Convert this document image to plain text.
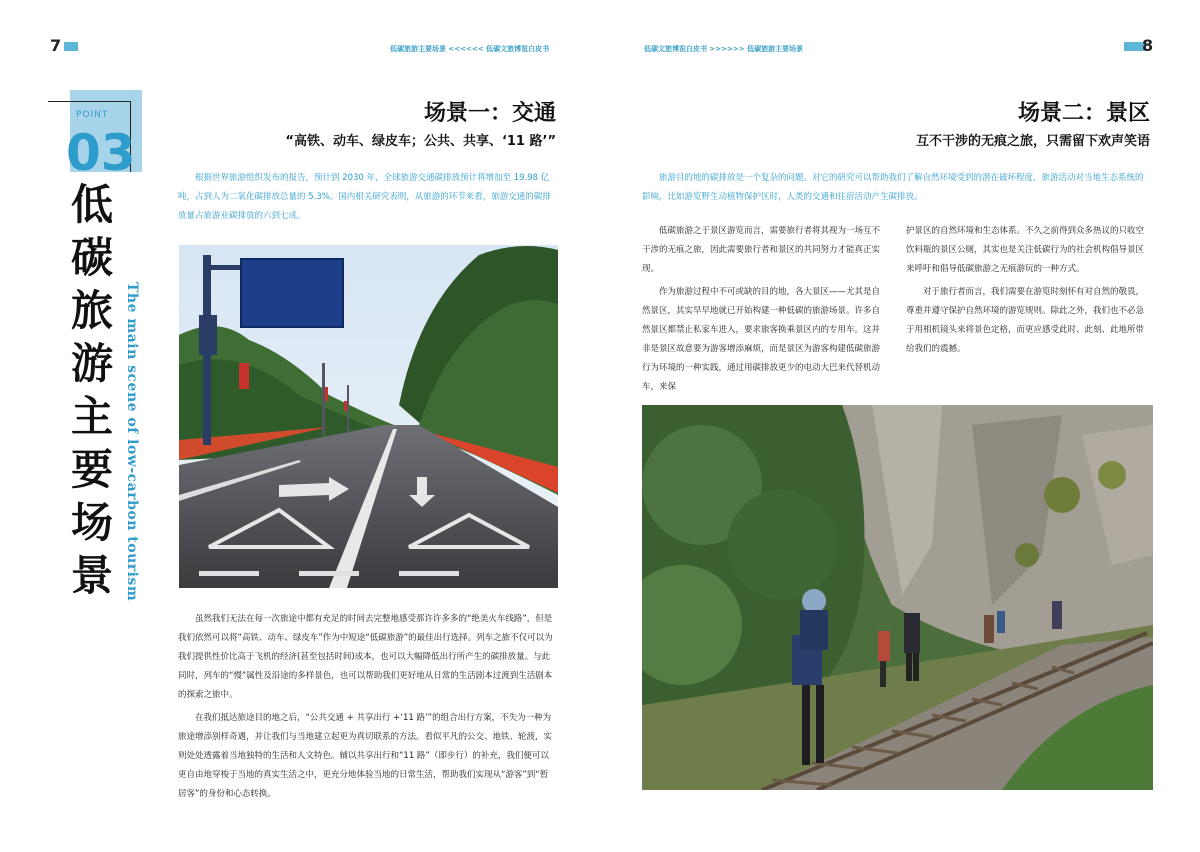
7	低碳旅游主要场景 <<<<<< 低碳文旅博览白皮书
POINT
03
低
碳
旅
游
主
要
场
景 The main scene of low-carbon tourism
场景一：交通
“高铁、动车、绿皮车；公共、共享、‘11 路’”
根据世界旅游组织发布的报告，预计到 2030 年，全球旅游交通碳排放预计将增加至 19.98 亿吨，占到人为二氧化碳排放总量的 5.3%。国内相关研究表明，从旅游的环节来看，旅游交通的碳排放量占旅游业碳排放的六到七成。

虽然我们无法在每一次旅途中都有充足的时间去完整地感受那许许多多的“绝美火车线路”，但是我们依然可以将“高铁、动车、绿皮车”作为中短途“低碳旅游”的最佳出行选择。列车之旅不仅可以为我们提供性价比高于飞机的经济(甚至包括时间)成本，也可以大幅降低出行所产生的碳排放量。与此同时，列车的“慢”属性及沿途的多样景色，也可以帮助我们更好地从日常的生活剧本过渡到生活剧本的探索之旅中。

在我们抵达旅途目的地之后，“公共交通 + 共享出行 +‘11 路’”的组合出行方案，不失为一种为旅途增添别样奇遇，并让我们与当地建立起更为真切联系的方法。看似平凡的公交、地铁、轮渡，实则处处透露着当地独特的生活和人文特色。辅以共享出行和“11 路”（即步行）的补充，我们便可以更自由地穿梭于当地的真实生活之中，更充分地体验当地的日常生活，帮助我们实现从“游客”到“暂居客”的身份和心态转换。

低碳文旅博览白皮书 >>>>>> 低碳旅游主要场景	8
场景二：景区
互不干涉的无痕之旅，只需留下欢声笑语
旅游目的地的碳排放是一个复杂的问题。对它的研究可以帮助我们了解自然环境受到的潜在破坏程度，旅游活动对当地生态系统的影响，比如游览野生动植物保护区时，人类的交通和住宿活动产生碳排放。

低碳旅游之于景区游览而言，需要旅行者将其视为一场互不干涉的无痕之旅，因此需要旅行者和景区的共同努力才能真正实现。

作为旅游过程中不可或缺的目的地，各大景区——尤其是自然景区，其实早早地就已开始构建一种低碳的旅游场景。许多自然景区都禁止私家车进入，要求旅客换乘景区内的专用车。这并非是景区故意要为游客增添麻烦，而是景区为游客构建低碳旅游行为环境的一种实践，通过用碳排放更少的电动大巴来代替机动车，来保

护景区的自然环境和生态体系。不久之前得到众多热议的只收空饮料瓶的景区公厕，其实也是关注低碳行为的社会机构倡导景区来呼吁和倡导低碳旅游之无痕游玩的一种方式。

对于旅行者而言，我们需要在游览时刻怀有对自然的敬畏，尊重并遵守保护自然环境的游览规则。除此之外，我们也不必急于用相机镜头来将景色定格，而更应感受此时、此刻、此地所带给我们的震撼。
